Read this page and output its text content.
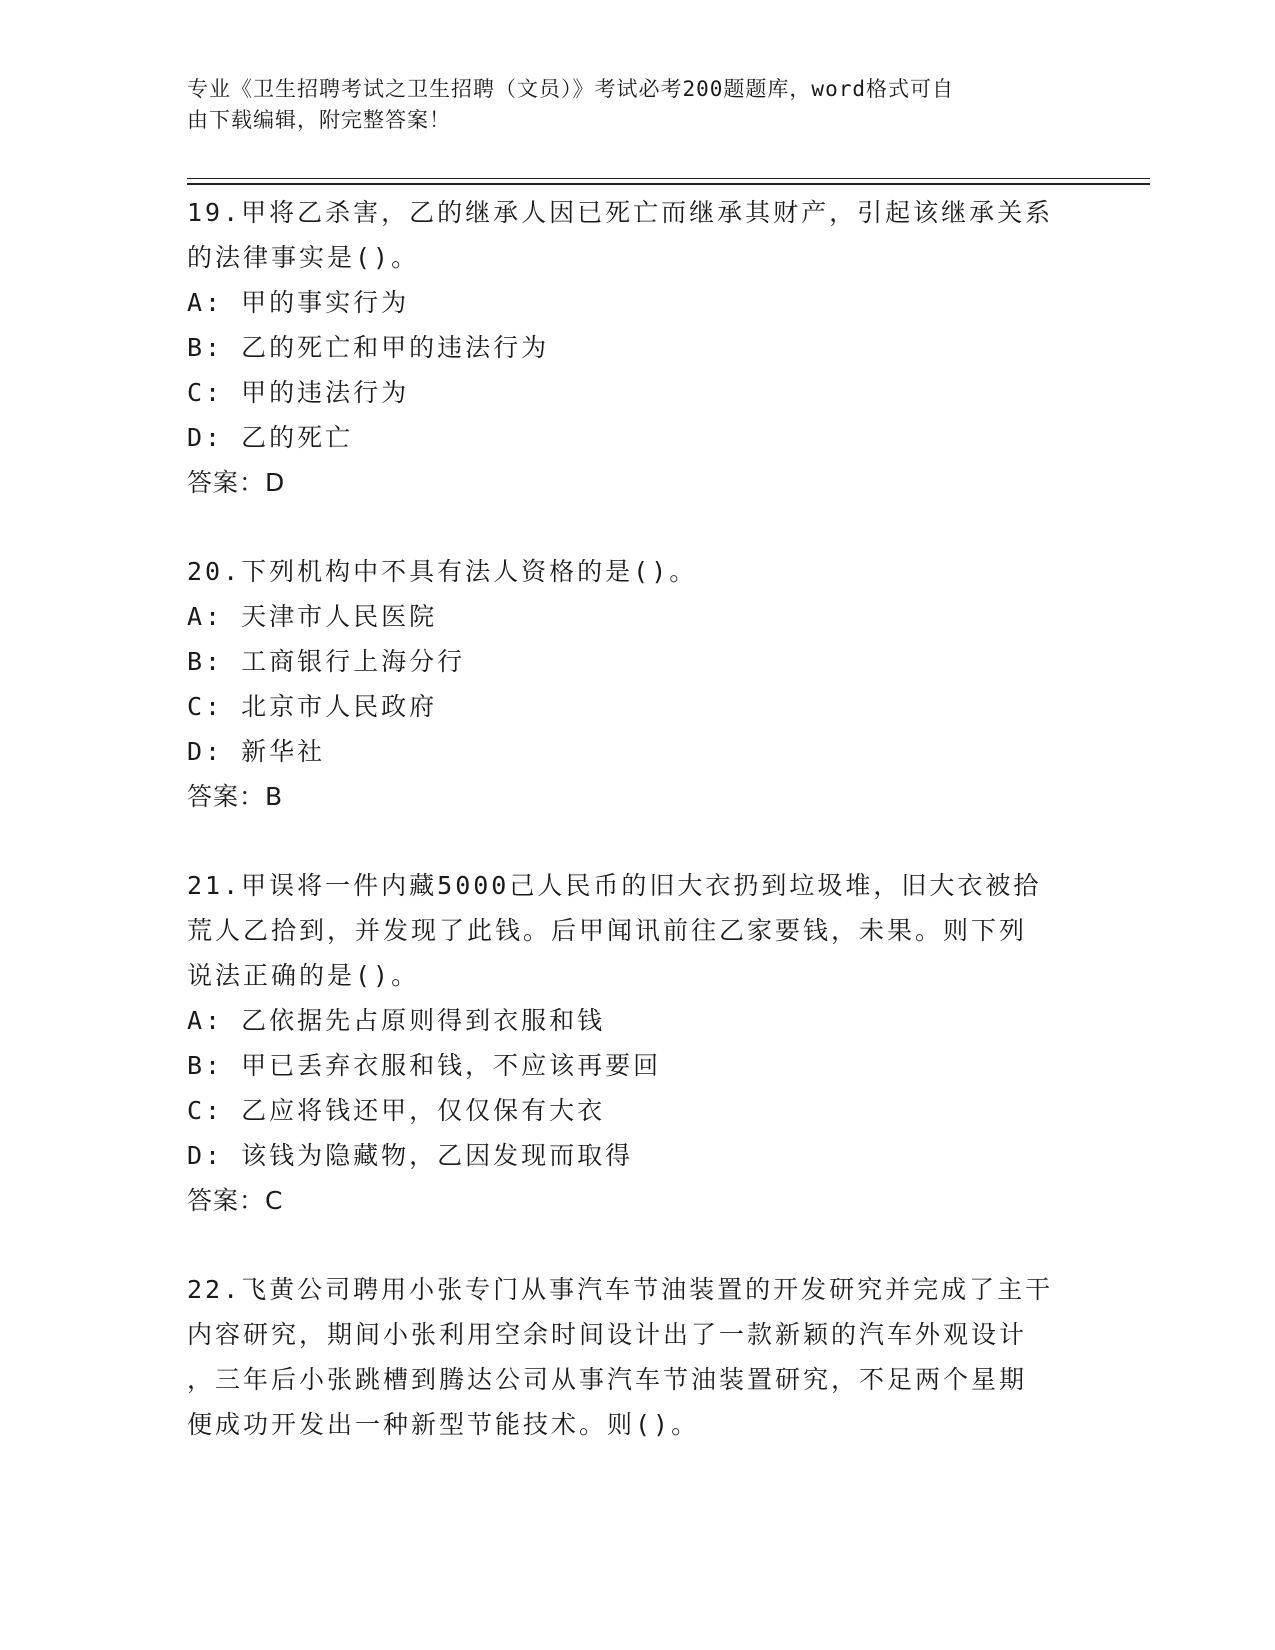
专业《卫生招聘考试之卫生招聘（文员）》考试必考200题题库，word格式可自
由下载编辑，附完整答案！
19.甲将乙杀害，乙的继承人因已死亡而继承其财产，引起该继承关系
的法律事实是()。
A: 甲的事实行为
B: 乙的死亡和甲的违法行为
C: 甲的违法行为
D: 乙的死亡
答案：D
20.下列机构中不具有法人资格的是()。
A: 天津市人民医院
B: 工商银行上海分行
C: 北京市人民政府
D: 新华社
答案：B
21.甲误将一件内藏5000己人民币的旧大衣扔到垃圾堆，旧大衣被拾
荒人乙拾到，并发现了此钱。后甲闻讯前往乙家要钱，未果。则下列
说法正确的是()。
A: 乙依据先占原则得到衣服和钱
B: 甲已丢弃衣服和钱，不应该再要回
C: 乙应将钱还甲，仅仅保有大衣
D: 该钱为隐藏物，乙因发现而取得
答案：C
22.飞黄公司聘用小张专门从事汽车节油装置的开发研究并完成了主干
内容研究，期间小张利用空余时间设计出了一款新颖的汽车外观设计
，三年后小张跳槽到腾达公司从事汽车节油装置研究，不足两个星期
便成功开发出一种新型节能技术。则()。
